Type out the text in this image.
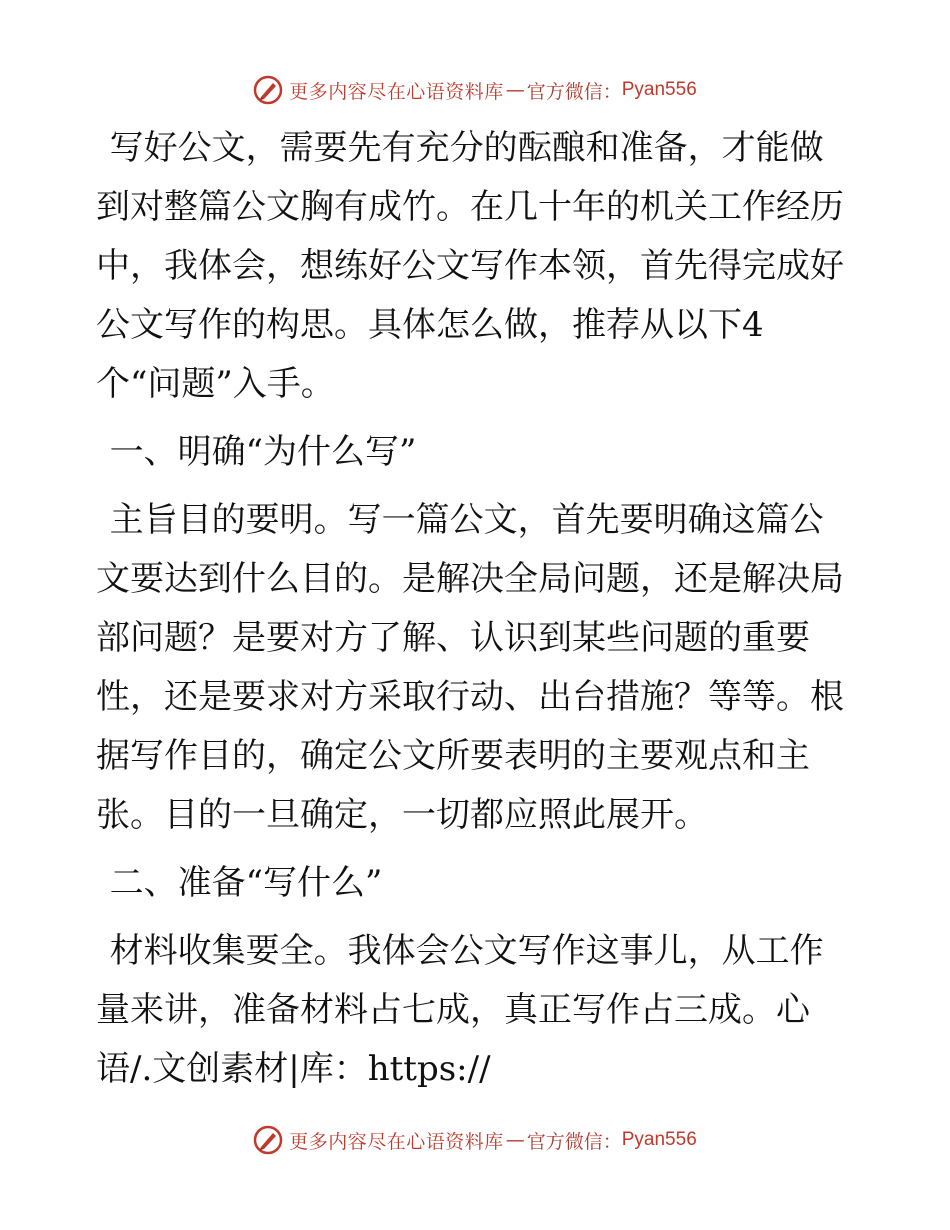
更多内容尽在心语资料库 — 官方微信： Pyan556

写好公文，需要先有充分的酝酿和准备，才能做
到对整篇公文胸有成竹。在几十年的机关工作经历
中，我体会，想练好公文写作本领，首先得完成好
公文写作的构思。具体怎么做，推荐从以下4
个“问题”入手。

一、明确“为什么写”

主旨目的要明。写一篇公文，首先要明确这篇公
文要达到什么目的。是解决全局问题，还是解决局
部问题？是要对方了解、认识到某些问题的重要
性，还是要求对方采取行动、出台措施？等等。根
据写作目的，确定公文所要表明的主要观点和主
张。目的一旦确定，一切都应照此展开。

二、准备“写什么”

材料收集要全。我体会公文写作这事儿，从工作
量来讲，准备材料占七成，真正写作占三成。心
语/.文创素材|库：https://

更多内容尽在心语资料库 — 官方微信： Pyan556
